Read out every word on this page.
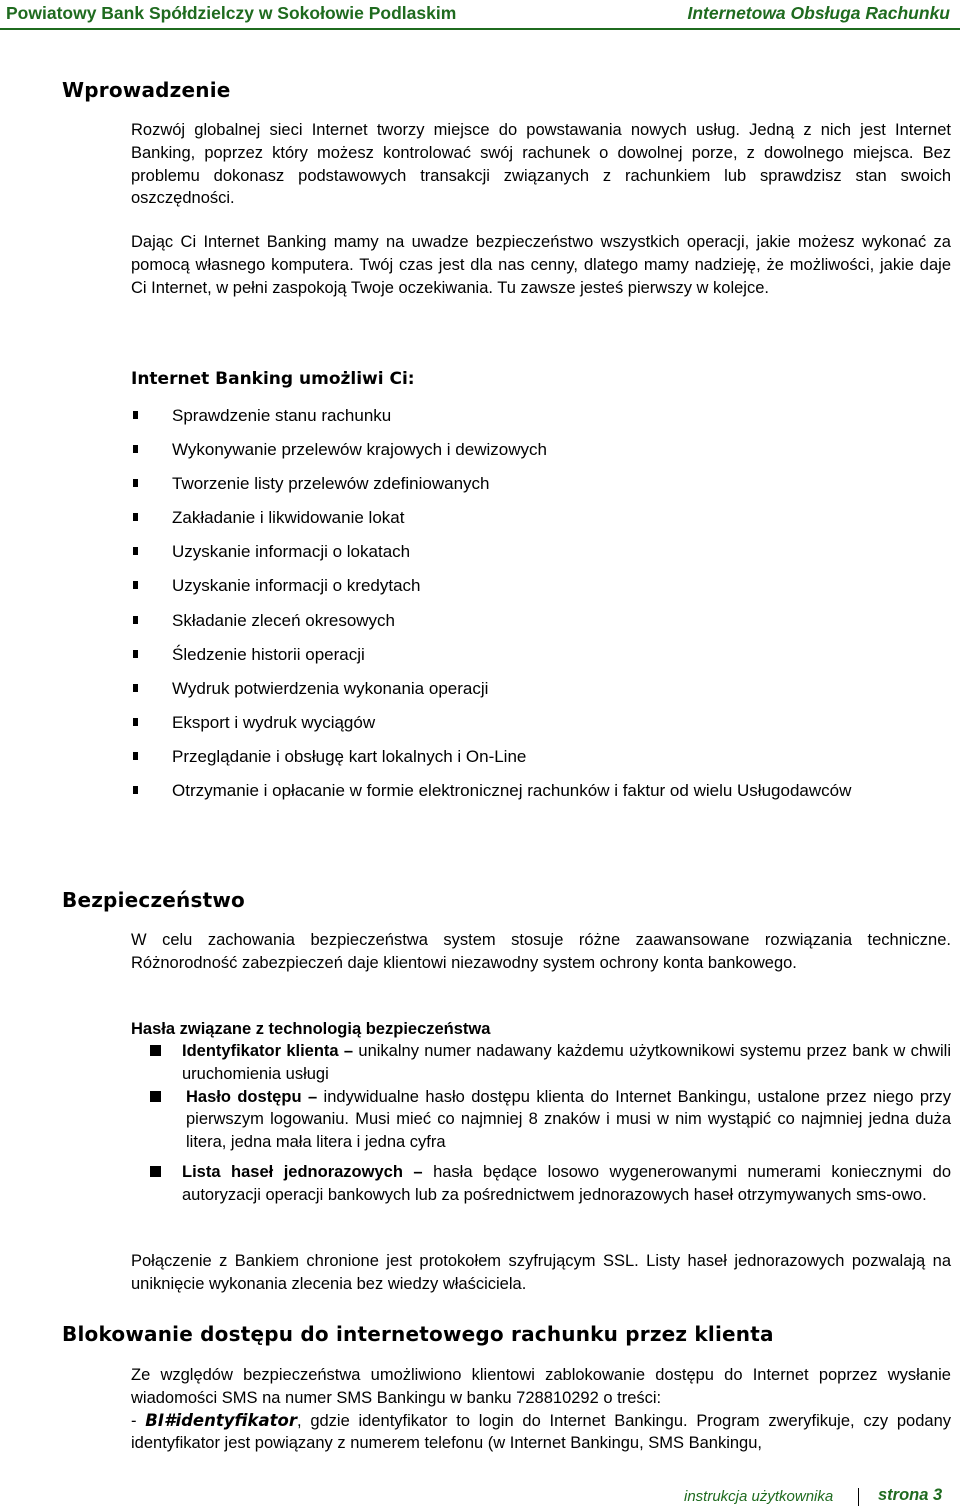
Powiatowy Bank Spółdzielczy w Sokołowie Podlaskim	Internetowa Obsługa Rachunku
Wprowadzenie
Rozwój globalnej sieci Internet tworzy miejsce do powstawania nowych usług. Jedną z nich jest Internet Banking, poprzez który możesz kontrolować swój rachunek o dowolnej porze, z dowolnego miejsca. Bez problemu dokonasz podstawowych transakcji związanych z rachunkiem lub sprawdzisz stan swoich oszczędności.
Dając Ci Internet Banking mamy na uwadze bezpieczeństwo wszystkich operacji, jakie możesz wykonać za pomocą własnego komputera. Twój czas jest dla nas cenny, dlatego mamy nadzieję, że możliwości, jakie daje Ci Internet, w pełni zaspokoją Twoje oczekiwania. Tu zawsze jesteś pierwszy w kolejce.
Internet Banking umożliwi Ci:
Sprawdzenie stanu rachunku
Wykonywanie przelewów krajowych i dewizowych
Tworzenie listy przelewów zdefiniowanych
Zakładanie i likwidowanie lokat
Uzyskanie informacji o lokatach
Uzyskanie informacji o kredytach
Składanie zleceń okresowych
Śledzenie historii operacji
Wydruk potwierdzenia wykonania operacji
Eksport i wydruk wyciągów
Przeglądanie i obsługę kart lokalnych i On-Line
Otrzymanie i opłacanie w formie elektronicznej rachunków i faktur od wielu Usługodawców
Bezpieczeństwo
W celu zachowania bezpieczeństwa system stosuje różne zaawansowane rozwiązania techniczne. Różnorodność zabezpieczeń daje klientowi niezawodny system ochrony konta bankowego.
Hasła związane z technologią bezpieczeństwa
Identyfikator klienta – unikalny numer nadawany każdemu użytkownikowi systemu przez bank w chwili uruchomienia usługi
Hasło dostępu – indywidualne hasło dostępu klienta do Internet Bankingu, ustalone przez niego przy pierwszym logowaniu. Musi mieć co najmniej 8 znaków i musi w nim wystąpić co najmniej jedna duża litera, jedna mała litera i jedna cyfra
Lista haseł jednorazowych – hasła będące losowo wygenerowanymi numerami koniecznymi do autoryzacji operacji bankowych lub za pośrednictwem jednorazowych haseł otrzymywanych sms-owo.
Połączenie z Bankiem chronione jest protokołem szyfrującym SSL. Listy haseł jednorazowych pozwalają na uniknięcie wykonania zlecenia bez wiedzy właściciela.
Blokowanie dostępu do internetowego rachunku przez klienta
Ze względów bezpieczeństwa umożliwiono klientowi zablokowanie dostępu do Internet poprzez wysłanie wiadomości SMS na numer SMS Bankingu w banku 728810292 o treści:
- BI#identyfikator, gdzie identyfikator to login do Internet Bankingu. Program zweryfikuje, czy podany identyfikator jest powiązany z numerem telefonu (w Internet Bankingu, SMS Bankingu,
instrukcja użytkownika	strona 3
